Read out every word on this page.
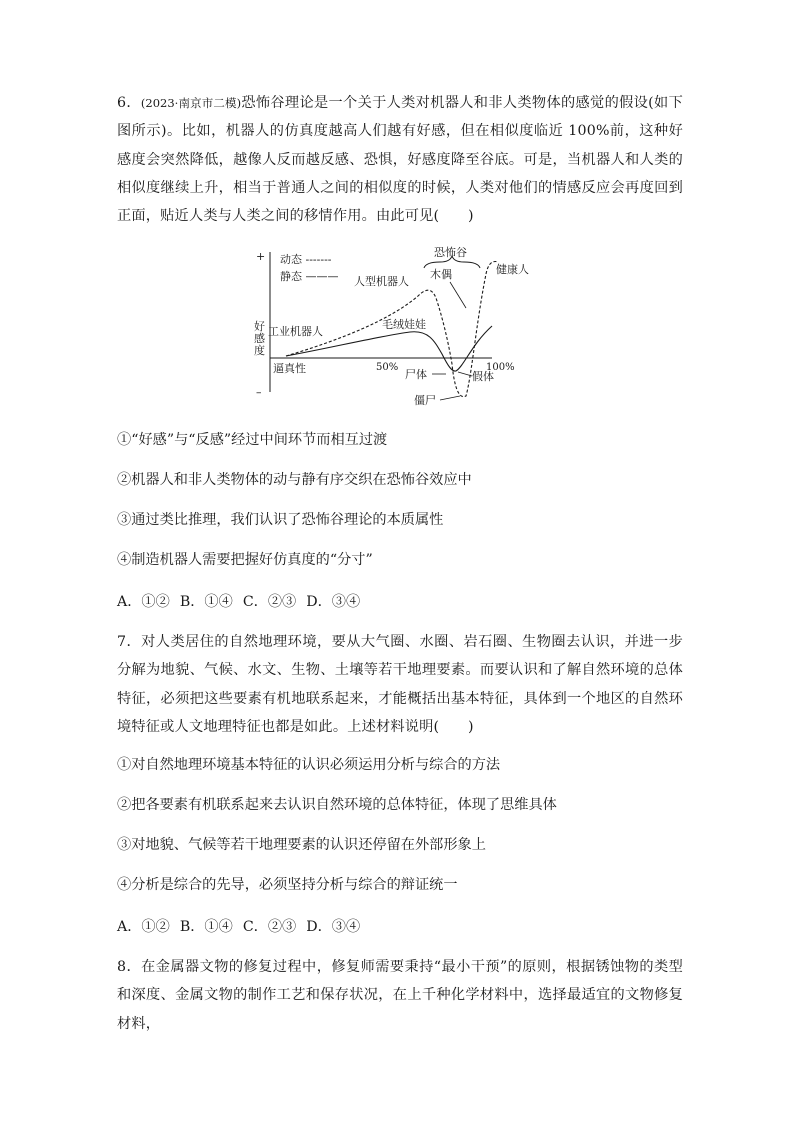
6．(2023·南京市二模)恐怖谷理论是一个关于人类对机器人和非人类物体的感觉的假设(如下图所示)。比如，机器人的仿真度越高人们越有好感，但在相似度临近 100%前，这种好感度会突然降低，越像人反而越反感、恐惧，好感度降至谷底。可是，当机器人和人类的相似度继续上升，相当于普通人之间的相似度的时候，人类对他们的情感反应会再度回到正面，贴近人类与人类之间的移情作用。由此可见(　　)

+
–
动态 -------
静态 ———
好
感
度
逼真性	50%	100%
恐怖谷
工业机器人
人型机器人
毛绒娃娃
木偶	健康人
尸体	假体
僵尸

①“好感”与“反感”经过中间环节而相互过渡

②机器人和非人类物体的动与静有序交织在恐怖谷效应中

③通过类比推理，我们认识了恐怖谷理论的本质属性

④制造机器人需要把握好仿真度的“分寸”

A．①② B．①④ C．②③ D．③④

7．对人类居住的自然地理环境，要从大气圈、水圈、岩石圈、生物圈去认识，并进一步分解为地貌、气候、水文、生物、土壤等若干地理要素。而要认识和了解自然环境的总体特征，必须把这些要素有机地联系起来，才能概括出基本特征，具体到一个地区的自然环境特征或人文地理特征也都是如此。上述材料说明(　　)

①对自然地理环境基本特征的认识必须运用分析与综合的方法

②把各要素有机联系起来去认识自然环境的总体特征，体现了思维具体

③对地貌、气候等若干地理要素的认识还停留在外部形象上

④分析是综合的先导，必须坚持分析与综合的辩证统一

A．①② B．①④ C．②③ D．③④

8．在金属器文物的修复过程中，修复师需要秉持“最小干预”的原则，根据锈蚀物的类型和深度、金属文物的制作工艺和保存状况，在上千种化学材料中，选择最适宜的文物修复材料，
